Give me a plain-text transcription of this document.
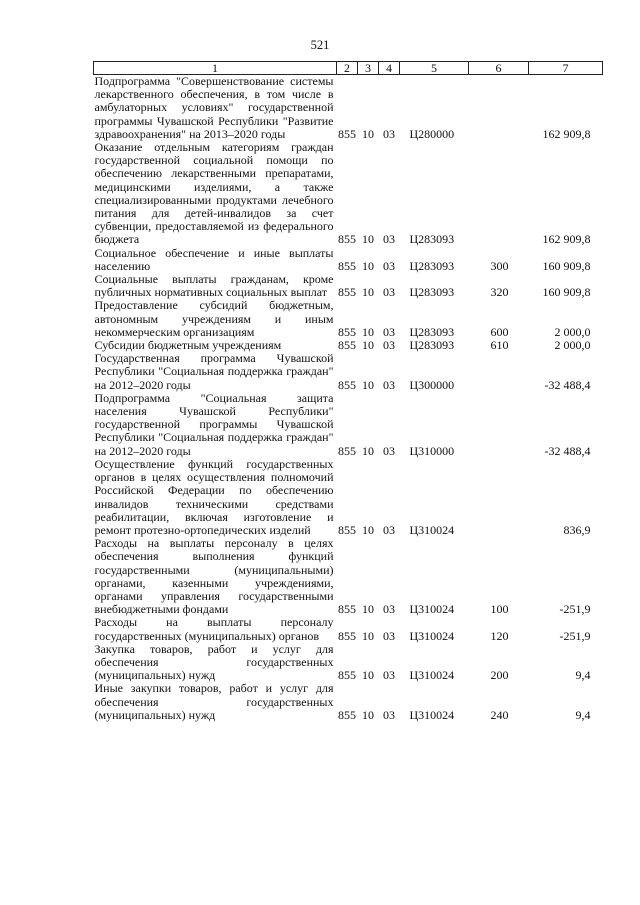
521
1	2	3	4	5	6	7
Подпрограмма "Совершенствование системы лекарственного обеспечения, в том числе в амбулаторных условиях" государственной программы Чувашской Республики "Развитие здравоохранения" на 2013–2020 годы	855	10	03	Ц280000		162 909,8
Оказание отдельным категориям граждан государственной социальной помощи по обеспечению лекарственными препаратами, медицинскими изделиями, а также специализированными продуктами лечебного питания для детей-инвалидов за счет субвенции, предоставляемой из федерального бюджета	855	10	03	Ц283093		162 909,8
Социальное обеспечение и иные выплаты населению	855	10	03	Ц283093	300	160 909,8
Социальные выплаты гражданам, кроме публичных нормативных социальных выплат	855	10	03	Ц283093	320	160 909,8
Предоставление субсидий бюджетным, автономным учреждениям и иным некоммерческим организациям	855	10	03	Ц283093	600	2 000,0
Субсидии бюджетным учреждениям	855	10	03	Ц283093	610	2 000,0
Государственная программа Чувашской Республики "Социальная поддержка граждан" на 2012–2020 годы	855	10	03	Ц300000		-32 488,4
Подпрограмма "Социальная защита населения Чувашской Республики" государственной программы Чувашской Республики "Социальная поддержка граждан" на 2012–2020 годы	855	10	03	Ц310000		-32 488,4
Осуществление функций государственных органов в целях осуществления полномочий Российской Федерации по обеспечению инвалидов техническими средствами реабилитации, включая изготовление и ремонт протезно-ортопедических изделий	855	10	03	Ц310024		836,9
Расходы на выплаты персоналу в целях обеспечения выполнения функций государственными (муниципальными) органами, казенными учреждениями, органами управления государственными внебюджетными фондами	855	10	03	Ц310024	100	-251,9
Расходы на выплаты персоналу государственных (муниципальных) органов	855	10	03	Ц310024	120	-251,9
Закупка товаров, работ и услуг для обеспечения государственных (муниципальных) нужд	855	10	03	Ц310024	200	9,4
Иные закупки товаров, работ и услуг для обеспечения государственных (муниципальных) нужд	855	10	03	Ц310024	240	9,4
